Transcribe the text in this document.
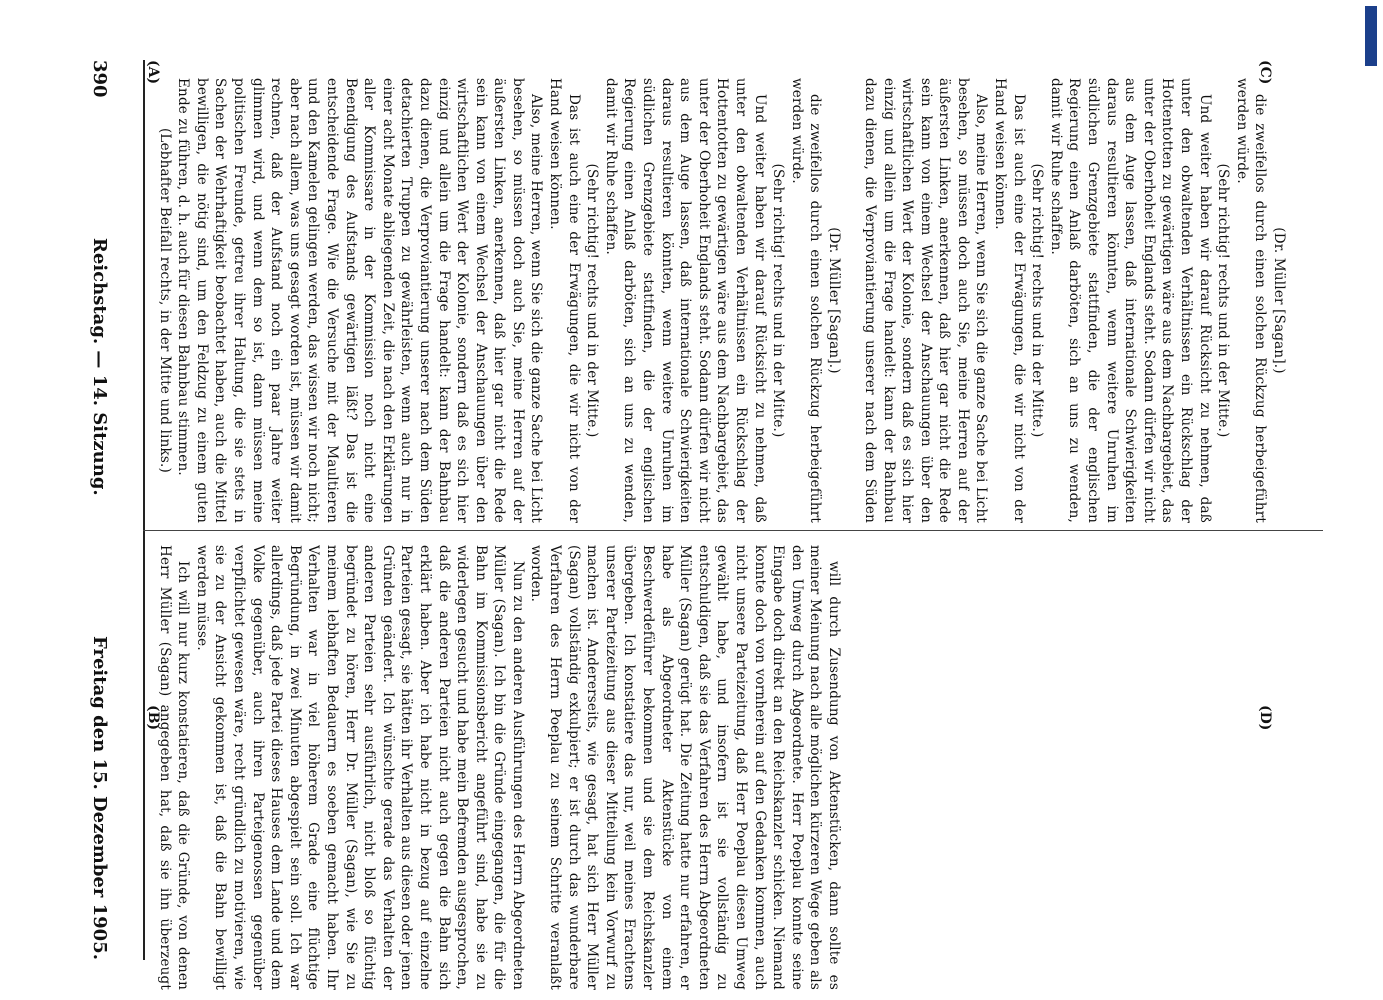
390
Reichstag. — 14. Sitzung.
Freitag den 15. Dezember 1905.
(A)
(B)
(C)
(D)

(Dr. Müller [Sagan].)

die zweifellos durch einen solchen Rückzug herbeigeführt werden würde.

(Sehr richtig! rechts und in der Mitte.)

Und weiter haben wir darauf Rücksicht zu nehmen, daß unter den obwaltenden Verhältnissen ein Rückschlag der Hottentotten zu gewärtigen wäre aus dem Nachbargebiet, das unter der Oberhoheit Englands steht. Sodann dürfen wir nicht aus dem Auge lassen, daß internationale Schwierigkeiten daraus resultieren könnten, wenn weitere Unruhen im südlichen Grenzgebiete stattfinden, die der englischen Regierung einen Anlaß darböten, sich an uns zu wenden, damit wir Ruhe schaffen.

(Sehr richtig! rechts und in der Mitte.)

Das ist auch eine der Erwägungen, die wir nicht von der Hand weisen können.

Also, meine Herren, wenn Sie sich die ganze Sache bei Licht besehen, so müssen doch auch Sie, meine Herren auf der äußersten Linken, anerkennen, daß hier gar nicht die Rede sein kann von einem Wechsel der Anschauungen über den wirtschaftlichen Wert der Kolonie, sondern daß es sich hier einzig und allein um die Frage handelt: kann der Bahnbau dazu dienen, die Verproviantierung unserer nach dem Süden detachierten Truppen zu gewährleisten, wenn auch nur in einer acht Monate abliegenden Zeit, die nach den Erklärungen aller Kommissare in der Kommission noch nicht eine Beendigung des Aufstands gewärtigen läßt? Das ist die entscheidende Frage. Wie die Versuche mit der Maultieren und den Kamelen gelingen werden, das wissen wir noch nicht; aber nach allem, was uns gesagt worden ist, müssen wir damit rechnen, daß der Aufstand noch ein paar Jahre weiter glimmen wird, und wenn dem so ist, dann müssen meine politischen Freunde, getreu ihrer Haltung, die sie stets in Sachen der Wehrhaftigkeit beobachtet haben, auch die Mittel bewilligen, die nötig sind, um den Feldzug zu einem guten Ende zu führen, d. h. auch für diesen Bahnbau stimmen.

(Lebhafter Beifall rechts, in der Mitte und links.)

will durch Zusendung von Aktenstücken, dann sollte es meiner Meinung nach alle möglichen kürzeren Wege geben als den Umweg durch Abgeordnete. Herr Poeplau konnte seine Eingabe doch direkt an den Reichskanzler schicken. Niemand konnte doch von vornherein auf den Gedanken kommen, auch nicht unsere Parteizeitung, daß Herr Poeplau diesen Umweg gewählt habe, und insofern ist sie vollständig zu entschuldigen, daß sie das Verfahren des Herrn Abgeordneten Müller (Sagan) gerügt hat. Die Zeitung hatte nur erfahren, er habe als Abgeordneter Aktenstücke von einem Beschwerdeführer bekommen und sie dem Reichskanzler übergeben. Ich konstatiere das nur, weil meines Erachtens unserer Parteizeitung aus dieser Mitteilung kein Vorwurf zu machen ist. Andererseits, wie gesagt, hat sich Herr Müller (Sagan) vollständig exkulpiert; er ist durch das wunderbare Verfahren des Herrn Poeplau zu seinem Schritte veranlaßt worden.

Nun zu den anderen Ausführungen des Herrn Abgeordneten Müller (Sagan). Ich bin die Gründe eingegangen, die für die Bahn im Kommissionsbericht angeführt sind, habe sie zu widerlegen gesucht und habe mein Befremden ausgesprochen, daß die anderen Parteien nicht auch gegen die Bahn sich erklärt haben. Aber ich habe nicht in bezug auf einzelne Parteien gesagt, sie hätten ihr Verhalten aus diesen oder jenen Gründen geändert. Ich wünschte gerade das Verhalten der anderen Parteien sehr ausführlich, nicht bloß so flüchtig begründet zu hören, Herr Dr. Müller (Sagan), wie Sie zu meinem lebhaften Bedauern es soeben gemacht haben. Ihr Verhalten war in viel höherem Grade eine flüchtige Begründung, in zwei Minuten abgespielt sein soll. Ich war allerdings, daß jede Partei dieses Hauses dem Lande und dem Volke gegenüber, auch ihren Parteigenossen gegenüber verpflichtet gewesen wäre, recht gründlich zu motivieren, wie sie zu der Ansicht gekommen ist, daß die Bahn bewilligt werden müsse.

Ich will nur kurz konstatieren, daß die Gründe, von denen Herr Müller (Sagan) angegeben hat, daß sie ihn überzeugt

(Dr. Müller [Sagan].)

die zweifellos durch einen solchen Rückzug herbeigeführt werden würde.

(Sehr richtig! rechts und in der Mitte.)

Und weiter haben wir darauf Rücksicht zu nehmen, daß unter den obwaltenden Verhältnissen ein Rückschlag der Hottentotten zu gewärtigen wäre aus dem Nachbargebiet, das unter der Oberhoheit Englands steht. Sodann dürfen wir nicht aus dem Auge lassen, daß internationale Schwierigkeiten daraus resultieren könnten, wenn weitere Unruhen im südlichen Grenzgebiete stattfinden, die der englischen Regierung einen Anlaß darböten, sich an uns zu wenden, damit wir Ruhe schaffen.

(Sehr richtig! rechts und in der Mitte.)

Das ist auch eine der Erwägungen, die wir nicht von der Hand weisen können.

Also, meine Herren, wenn Sie sich die ganze Sache bei Licht besehen, so müssen doch auch Sie, meine Herren auf der äußersten Linken, anerkennen, daß hier gar nicht die Rede sein kann von einem Wechsel der Anschauungen über den wirtschaftlichen Wert der Kolonie, sondern daß es sich hier einzig und allein um die Frage handelt: kann der Bahnbau dazu dienen, die Verproviantierung unserer nach dem Süden
